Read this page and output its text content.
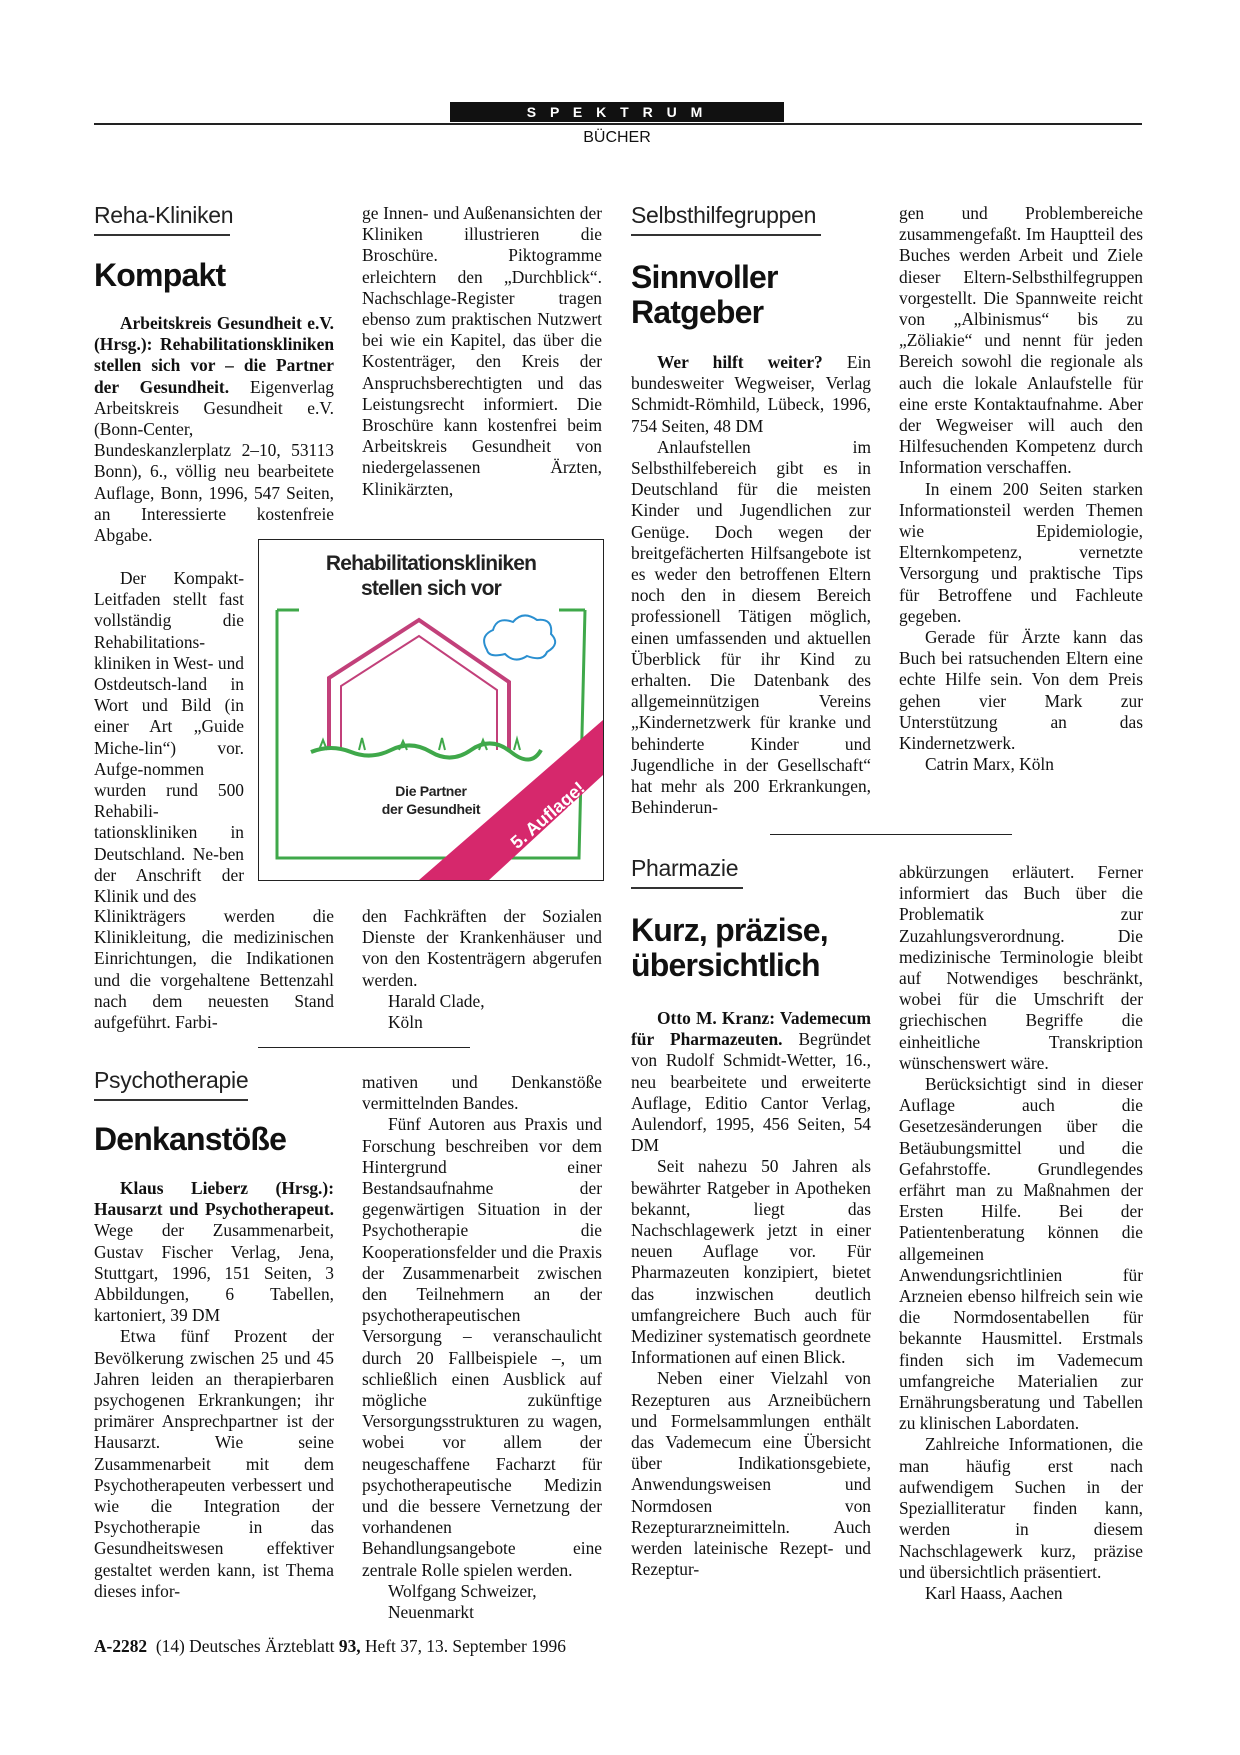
S P E K T R U M
BÜCHER
Reha-Kliniken
Kompakt

Arbeitskreis Gesundheit e.V. (Hrsg.): Rehabilitationskliniken stellen sich vor – die Partner der Gesundheit. Eigenverlag Arbeitskreis Gesundheit e.V. (Bonn-Center, Bundeskanzlerplatz 2–10, 53113 Bonn), 6., völlig neu bearbeitete Auflage, Bonn, 1996, 547 Seiten, an Interessierte kostenfreie Abgabe.

Der Kompakt-Leitfaden stellt fast vollständig die Rehabilitations-kliniken in West- und Ostdeutsch-land in Wort und Bild (in einer Art „Guide Miche-lin“) vor. Aufge-nommen wurden rund 500 Rehabili-tationskliniken in Deutschland. Ne-ben der Anschrift der Klinik und des

Klinikträgers werden die Klinikleitung, die medizinischen Einrichtungen, die Indikationen und die vorgehaltene Bettenzahl nach dem neuesten Stand aufgeführt. Farbi-

ge Innen- und Außenansichten der Kliniken illustrieren die Broschüre. Piktogramme erleichtern den „Durchblick“. Nachschlage-Register tragen ebenso zum praktischen Nutzwert bei wie ein Kapitel, das über die Kostenträger, den Kreis der Anspruchsberechtigten und das Leistungsrecht informiert. Die Broschüre kann kostenfrei beim Arbeitskreis Gesundheit von niedergelassenen Ärzten, Klinikärzten,

Rehabilitationskliniken
stellen sich vor
Die Partner
der Gesundheit	5. Auflage!

den Fachkräften der Sozialen Dienste der Krankenhäuser und von den Kostenträgern abgerufen werden.

Harald Clade,

Köln

Psychotherapie
Denkanstöße

Klaus Lieberz (Hrsg.): Hausarzt und Psychotherapeut. Wege der Zusammenarbeit, Gustav Fischer Verlag, Jena, Stuttgart, 1996, 151 Seiten, 3 Abbildungen, 6 Tabellen, kartoniert, 39 DM

Etwa fünf Prozent der Bevölkerung zwischen 25 und 45 Jahren leiden an therapierbaren psychogenen Erkrankungen; ihr primärer Ansprechpartner ist der Hausarzt. Wie seine Zusammenarbeit mit dem Psychotherapeuten verbessert und wie die Integration der Psychotherapie in das Gesundheitswesen effektiver gestaltet werden kann, ist Thema dieses infor-

mativen und Denkanstöße vermittelnden Bandes.

Fünf Autoren aus Praxis und Forschung beschreiben vor dem Hintergrund einer Bestandsaufnahme der gegenwärtigen Situation in der Psychotherapie die Kooperationsfelder und die Praxis der Zusammenarbeit zwischen den Teilnehmern an der psychotherapeutischen Versorgung – veranschaulicht durch 20 Fallbeispiele –, um schließlich einen Ausblick auf mögliche zukünftige Versorgungsstrukturen zu wagen, wobei vor allem der neugeschaffene Facharzt für psychotherapeutische Medizin und die bessere Vernetzung der vorhandenen Behandlungsangebote eine zentrale Rolle spielen werden.

Wolfgang Schweizer,

Neuenmarkt

Selbsthilfegruppen
Sinnvoller
Ratgeber

Wer hilft weiter? Ein bundesweiter Wegweiser, Verlag Schmidt-Römhild, Lübeck, 1996, 754 Seiten, 48 DM

Anlaufstellen im Selbsthilfebereich gibt es in Deutschland für die meisten Kinder und Jugendlichen zur Genüge. Doch wegen der breitgefächerten Hilfsangebote ist es weder den betroffenen Eltern noch den in diesem Bereich professionell Tätigen möglich, einen umfassenden und aktuellen Überblick für ihr Kind zu erhalten. Die Datenbank des allgemeinnützigen Vereins „Kindernetzwerk für kranke und behinderte Kinder und Jugendliche in der Gesellschaft“ hat mehr als 200 Erkrankungen, Behinderun-

gen und Problembereiche zusammengefaßt. Im Hauptteil des Buches werden Arbeit und Ziele dieser Eltern-Selbsthilfegruppen vorgestellt. Die Spannweite reicht von „Albinismus“ bis zu „Zöliakie“ und nennt für jeden Bereich sowohl die regionale als auch die lokale Anlaufstelle für eine erste Kontaktaufnahme. Aber der Wegweiser will auch den Hilfesuchenden Kompetenz durch Information verschaffen.

In einem 200 Seiten starken Informationsteil werden Themen wie Epidemiologie, Elternkompetenz, vernetzte Versorgung und praktische Tips für Betroffene und Fachleute gegeben.

Gerade für Ärzte kann das Buch bei ratsuchenden Eltern eine echte Hilfe sein. Von dem Preis gehen vier Mark zur Unterstützung an das Kindernetzwerk.

Catrin Marx, Köln

Pharmazie
Kurz, präzise,
übersichtlich

Otto M. Kranz: Vademecum für Pharmazeuten. Begründet von Rudolf Schmidt-Wetter, 16., neu bearbeitete und erweiterte Auflage, Editio Cantor Verlag, Aulendorf, 1995, 456 Seiten, 54 DM

Seit nahezu 50 Jahren als bewährter Ratgeber in Apotheken bekannt, liegt das Nachschlagewerk jetzt in einer neuen Auflage vor. Für Pharmazeuten konzipiert, bietet das inzwischen deutlich umfangreichere Buch auch für Mediziner systematisch geordnete Informationen auf einen Blick.

Neben einer Vielzahl von Rezepturen aus Arzneibüchern und Formelsammlungen enthält das Vademecum eine Übersicht über Indikationsgebiete, Anwendungsweisen und Normdosen von Rezepturarzneimitteln. Auch werden lateinische Rezept- und Rezeptur-

abkürzungen erläutert. Ferner informiert das Buch über die Problematik zur Zuzahlungsverordnung. Die medizinische Terminologie bleibt auf Notwendiges beschränkt, wobei für die Umschrift der griechischen Begriffe die einheitliche Transkription wünschenswert wäre.

Berücksichtigt sind in dieser Auflage auch die Gesetzesänderungen über die Betäubungsmittel und die Gefahrstoffe. Grundlegendes erfährt man zu Maßnahmen der Ersten Hilfe. Bei der Patientenberatung können die allgemeinen Anwendungsrichtlinien für Arzneien ebenso hilfreich sein wie die Normdosentabellen für bekannte Hausmittel. Erstmals finden sich im Vademecum umfangreiche Materialien zur Ernährungsberatung und Tabellen zu klinischen Labordaten.

Zahlreiche Informationen, die man häufig erst nach aufwendigem Suchen in der Spezialliteratur finden kann, werden in diesem Nachschlagewerk kurz, präzise und übersichtlich präsentiert.

Karl Haass, Aachen

A-2282 (14) Deutsches Ärzteblatt 93, Heft 37, 13. September 1996
